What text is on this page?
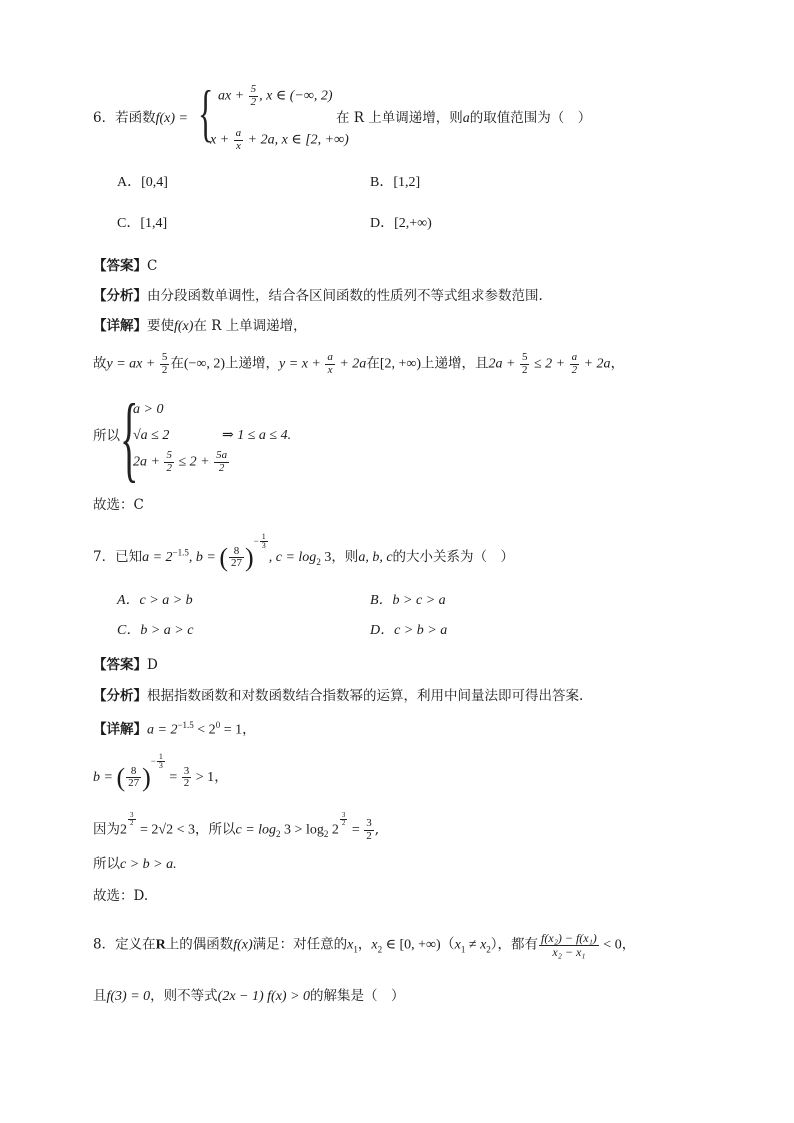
6．若函数f(x) = { ax + $\frac{5}{2}$ , x ∈ (−∞, 2)
$x + \frac{a}{x} + 2a$, x ∈ [2, +∞)
在 R 上单调递增，则a的取值范围为（　）
A．[0,4]	B．[1,2]
C．[1,4]	D．[2,+∞)
【答案】C
【分析】由分段函数单调性，结合各区间函数的性质列不等式组求参数范围.
【详解】要使f(x)在 R 上单调递增，
故y = ax + $\frac{5}{2}$ 在(−∞, 2)上递增，$y = x + \frac{a}{x} + 2a$在[2, +∞)上递增，且$2a + \frac{5}{2} \le 2 + \frac{a}{2} + 2a$，
所以 {
a > 0
√a ≤ 2
$2a + \frac{5}{2} \le 2 + \frac{5a}{2}$
⇒ 1 ≤ a ≤ 4.
故选：C
7．已知$a = 2^{-1.5}$, b = ( $\frac{8}{27} )^{- \frac{1}{3}}$
, $c = \log_2 3$，则a, b, c的大小关系为（　）
A．c > a > b	B．b > c > a
C．b > a > c	D．c > b > a
【答案】D
【分析】根据指数函数和对数函数结合指数幂的运算，利用中间量法即可得出答案.
【详解】$a = 2^{-1.5} < 2^0 = 1$，
b = ( $\frac{8}{27} )^{- \frac{1}{3}}$
= $\frac{3}{2} > 1$，
因为2
$^{\frac{3}{2}}$
= 2√2 < 3，所以$c = \log_2 3 > \log_2 2$
$^{\frac{3}{2}}$
= $\frac{3}{2}$ ,
所以c > b > a.
故选：D.
8．定义在R上的偶函数f(x)满足：对任意的$x_1$，$x_2$ ∈ [0, $+\infty)(x_1 \ne x_2)$，都有 $\frac{\text{f(x₂) − f(x₁)}}{\text{x₂ − x₁}} < 0$，
且f(3) = 0，则不等式(2x − 1) f(x) > 0的解集是（　）
